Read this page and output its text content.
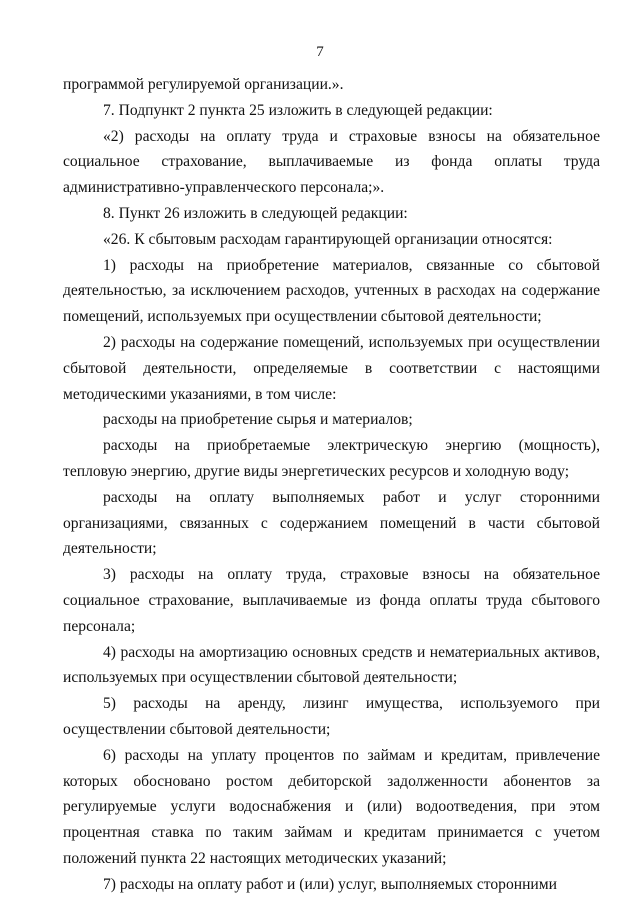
7

программой регулируемой организации.».

7. Подпункт 2 пункта 25 изложить в следующей редакции:

«2) расходы на оплату труда и страховые взносы на обязательное социальное страхование, выплачиваемые из фонда оплаты труда административно-управленческого персонала;».

8. Пункт 26 изложить в следующей редакции:

«26. К сбытовым расходам гарантирующей организации относятся:

1) расходы на приобретение материалов, связанные со сбытовой деятельностью, за исключением расходов, учтенных в расходах на содержание помещений, используемых при осуществлении сбытовой деятельности;

2) расходы на содержание помещений, используемых при осуществлении сбытовой деятельности, определяемые в соответствии с настоящими методическими указаниями, в том числе:

расходы на приобретение сырья и материалов;

расходы на приобретаемые электрическую энергию (мощность), тепловую энергию, другие виды энергетических ресурсов и холодную воду;

расходы на оплату выполняемых работ и услуг сторонними организациями, связанных с содержанием помещений в части сбытовой деятельности;

3) расходы на оплату труда, страховые взносы на обязательное социальное страхование, выплачиваемые из фонда оплаты труда сбытового персонала;

4) расходы на амортизацию основных средств и нематериальных активов, используемых при осуществлении сбытовой деятельности;

5) расходы на аренду, лизинг имущества, используемого при осуществлении сбытовой деятельности;

6) расходы на уплату процентов по займам и кредитам, привлечение которых обосновано ростом дебиторской задолженности абонентов за регулируемые услуги водоснабжения и (или) водоотведения, при этом процентная ставка по таким займам и кредитам принимается с учетом положений пункта 22 настоящих методических указаний;

7) расходы на оплату работ и (или) услуг, выполняемых сторонними
